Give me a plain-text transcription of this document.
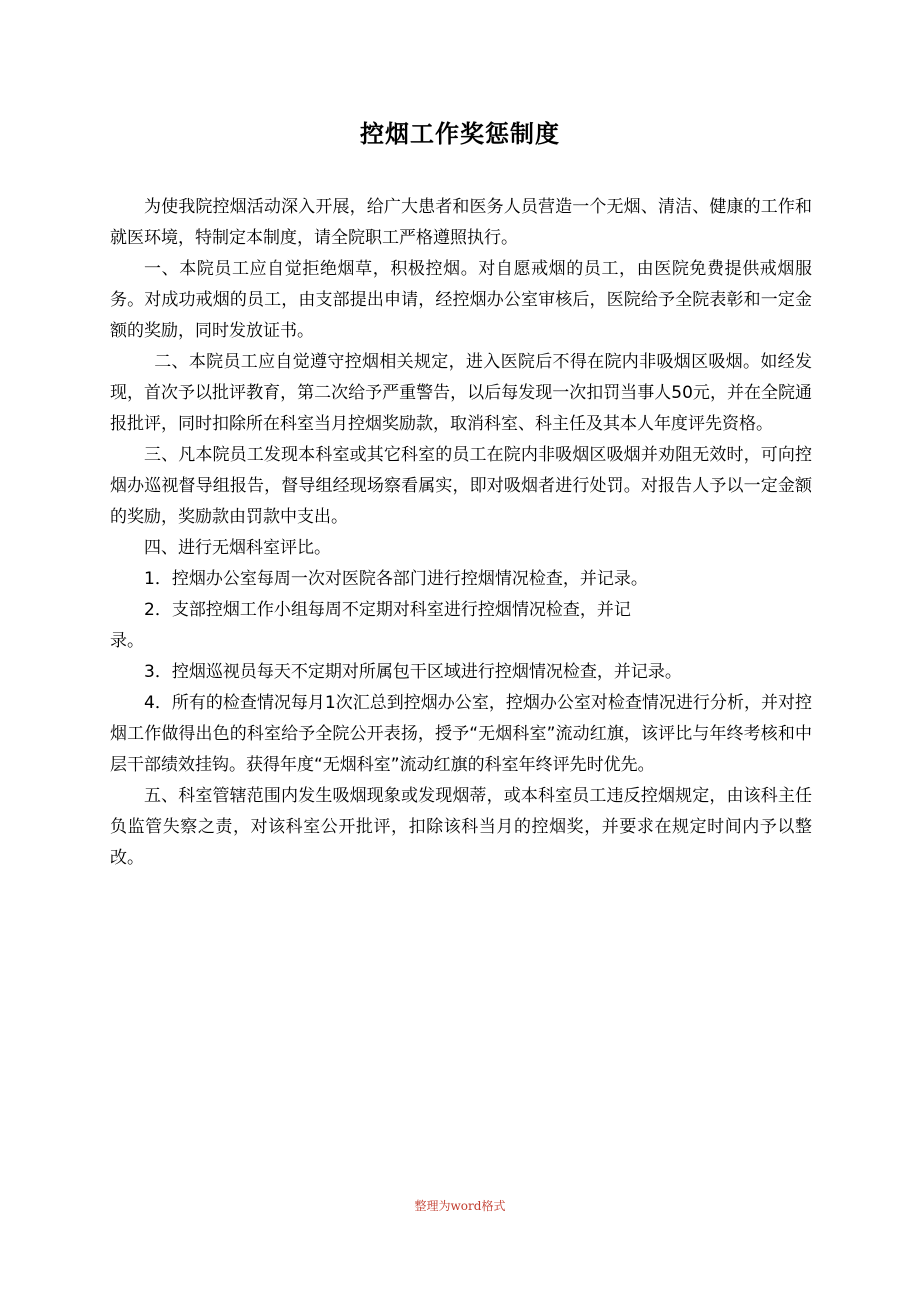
控烟工作奖惩制度

为使我院控烟活动深入开展，给广大患者和医务人员营造一个无烟、清洁、健康的工作和就医环境，特制定本制度，请全院职工严格遵照执行。

一、本院员工应自觉拒绝烟草，积极控烟。对自愿戒烟的员工，由医院免费提供戒烟服务。对成功戒烟的员工，由支部提出申请，经控烟办公室审核后，医院给予全院表彰和一定金额的奖励，同时发放证书。

二、本院员工应自觉遵守控烟相关规定，进入医院后不得在院内非吸烟区吸烟。如经发现，首次予以批评教育，第二次给予严重警告，以后每发现一次扣罚当事人50元，并在全院通报批评，同时扣除所在科室当月控烟奖励款，取消科室、科主任及其本人年度评先资格。

三、凡本院员工发现本科室或其它科室的员工在院内非吸烟区吸烟并劝阻无效时，可向控烟办巡视督导组报告，督导组经现场察看属实，即对吸烟者进行处罚。对报告人予以一定金额的奖励，奖励款由罚款中支出。

四、进行无烟科室评比。

1．控烟办公室每周一次对医院各部门进行控烟情况检查，并记录。

2．支部控烟工作小组每周不定期对科室进行控烟情况检查，并记

录。

3．控烟巡视员每天不定期对所属包干区域进行控烟情况检查，并记录。

4．所有的检查情况每月1次汇总到控烟办公室，控烟办公室对检查情况进行分析，并对控烟工作做得出色的科室给予全院公开表扬，授予“无烟科室”流动红旗，该评比与年终考核和中层干部绩效挂钩。获得年度“无烟科室”流动红旗的科室年终评先时优先。

五、科室管辖范围内发生吸烟现象或发现烟蒂，或本科室员工违反控烟规定，由该科主任负监管失察之责，对该科室公开批评，扣除该科当月的控烟奖，并要求在规定时间内予以整改。

整理为word格式
